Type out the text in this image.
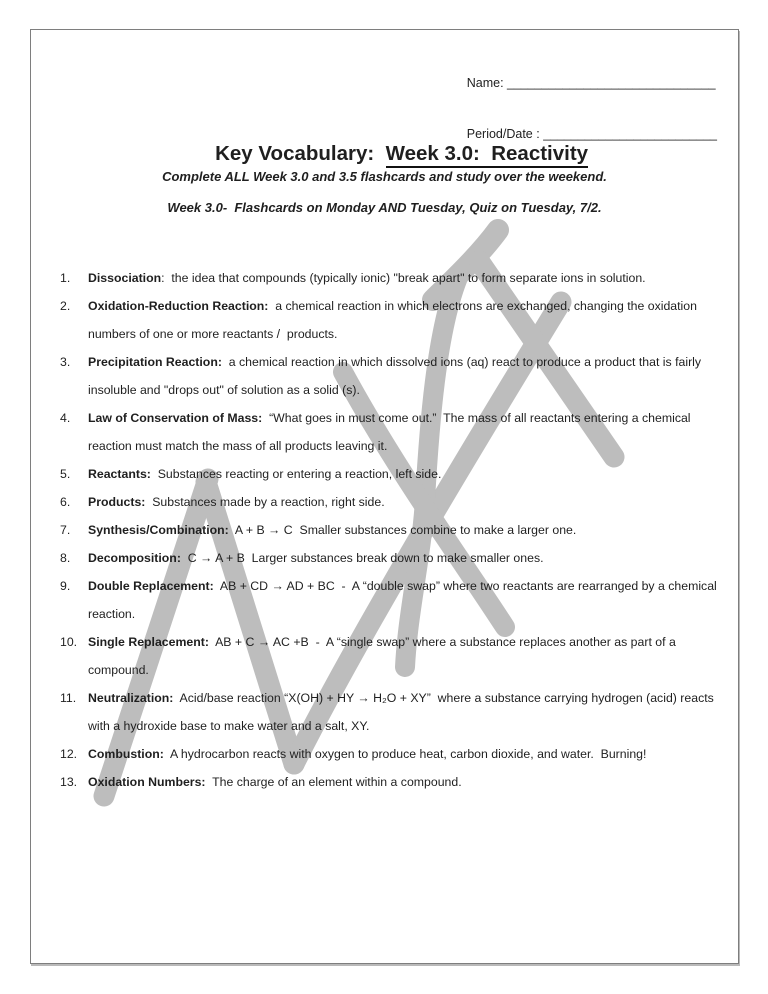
Name: ______________________________

Period/Date : _________________________

Key Vocabulary:  Week 3.0:  Reactivity

Complete ALL Week 3.0 and 3.5 flashcards and study over the weekend.
Week 3.0-  Flashcards on Monday AND Tuesday, Quiz on Tuesday, 7/2.
1. Dissociation:  the idea that compounds (typically ionic) "break apart" to form separate ions in solution.
2. Oxidation-Reduction Reaction:  a chemical reaction in which electrons are exchanged, changing the oxidation numbers of one or more reactants /  products.
3. Precipitation Reaction:  a chemical reaction in which dissolved ions (aq) react to produce a product that is fairly insoluble and "drops out" of solution as a solid (s).
4. Law of Conservation of Mass:  “What goes in must come out.”  The mass of all reactants entering a chemical reaction must match the mass of all products leaving it.
5. Reactants:  Substances reacting or entering a reaction, left side.
6. Products:  Substances made by a reaction, right side.
7. Synthesis/Combination:  A + B → C  Smaller substances combine to make a larger one.
8. Decomposition:  C → A + B  Larger substances break down to make smaller ones.
9. Double Replacement:  AB + CD → AD + BC  -  A “double swap” where two reactants are rearranged by a chemical reaction.
10. Single Replacement:  AB + C → AC +B  -  A “single swap” where a substance replaces another as part of a compound.
11. Neutralization:  Acid/base reaction “X(OH) + HY → H₂O + XY”  where a substance carrying hydrogen (acid) reacts with a hydroxide base to make water and a salt, XY.
12. Combustion:  A hydrocarbon reacts with oxygen to produce heat, carbon dioxide, and water.  Burning!
13. Oxidation Numbers:  The charge of an element within a compound.
